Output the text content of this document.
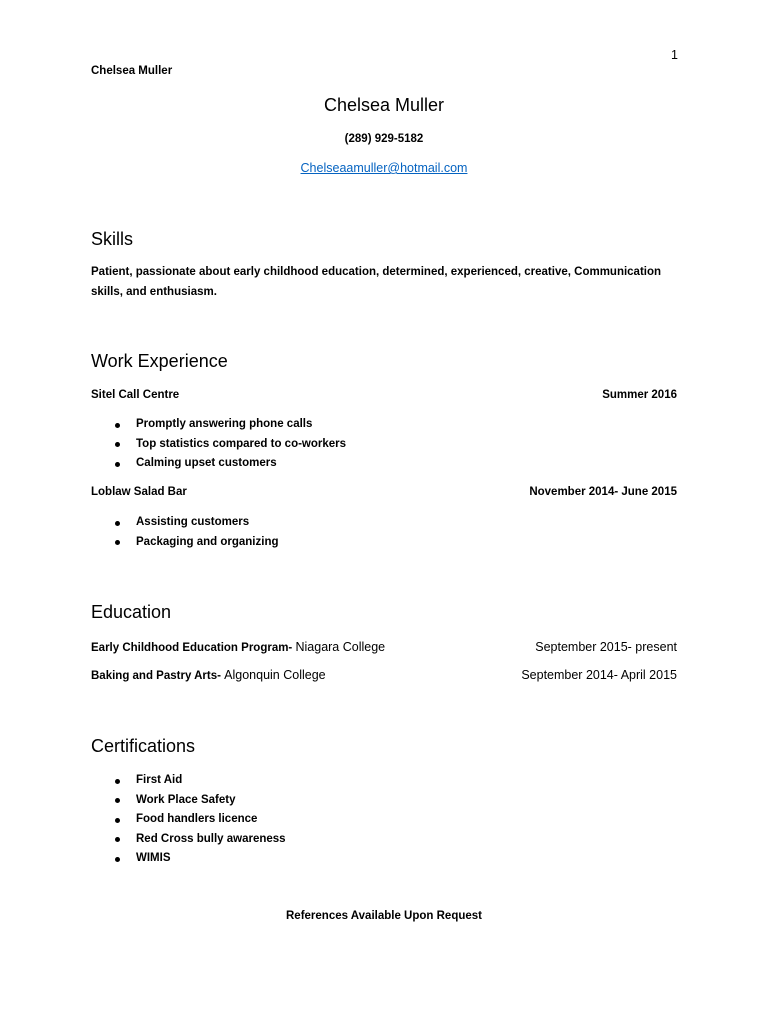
1
Chelsea Muller
Chelsea Muller
(289) 929-5182
Chelseaamuller@hotmail.com
Skills
Patient, passionate about early childhood education, determined, experienced, creative, Communication skills, and enthusiasm.
Work Experience
Sitel Call Centre	Summer 2016
Promptly answering phone calls
Top statistics compared to co-workers
Calming upset customers
Loblaw Salad Bar	November 2014- June 2015
Assisting customers
Packaging and organizing
Education
Early Childhood Education Program- Niagara College	September 2015- present
Baking and Pastry Arts- Algonquin College	September 2014- April 2015
Certifications
First Aid
Work Place Safety
Food handlers licence
Red Cross bully awareness
WIMIS
References Available Upon Request
